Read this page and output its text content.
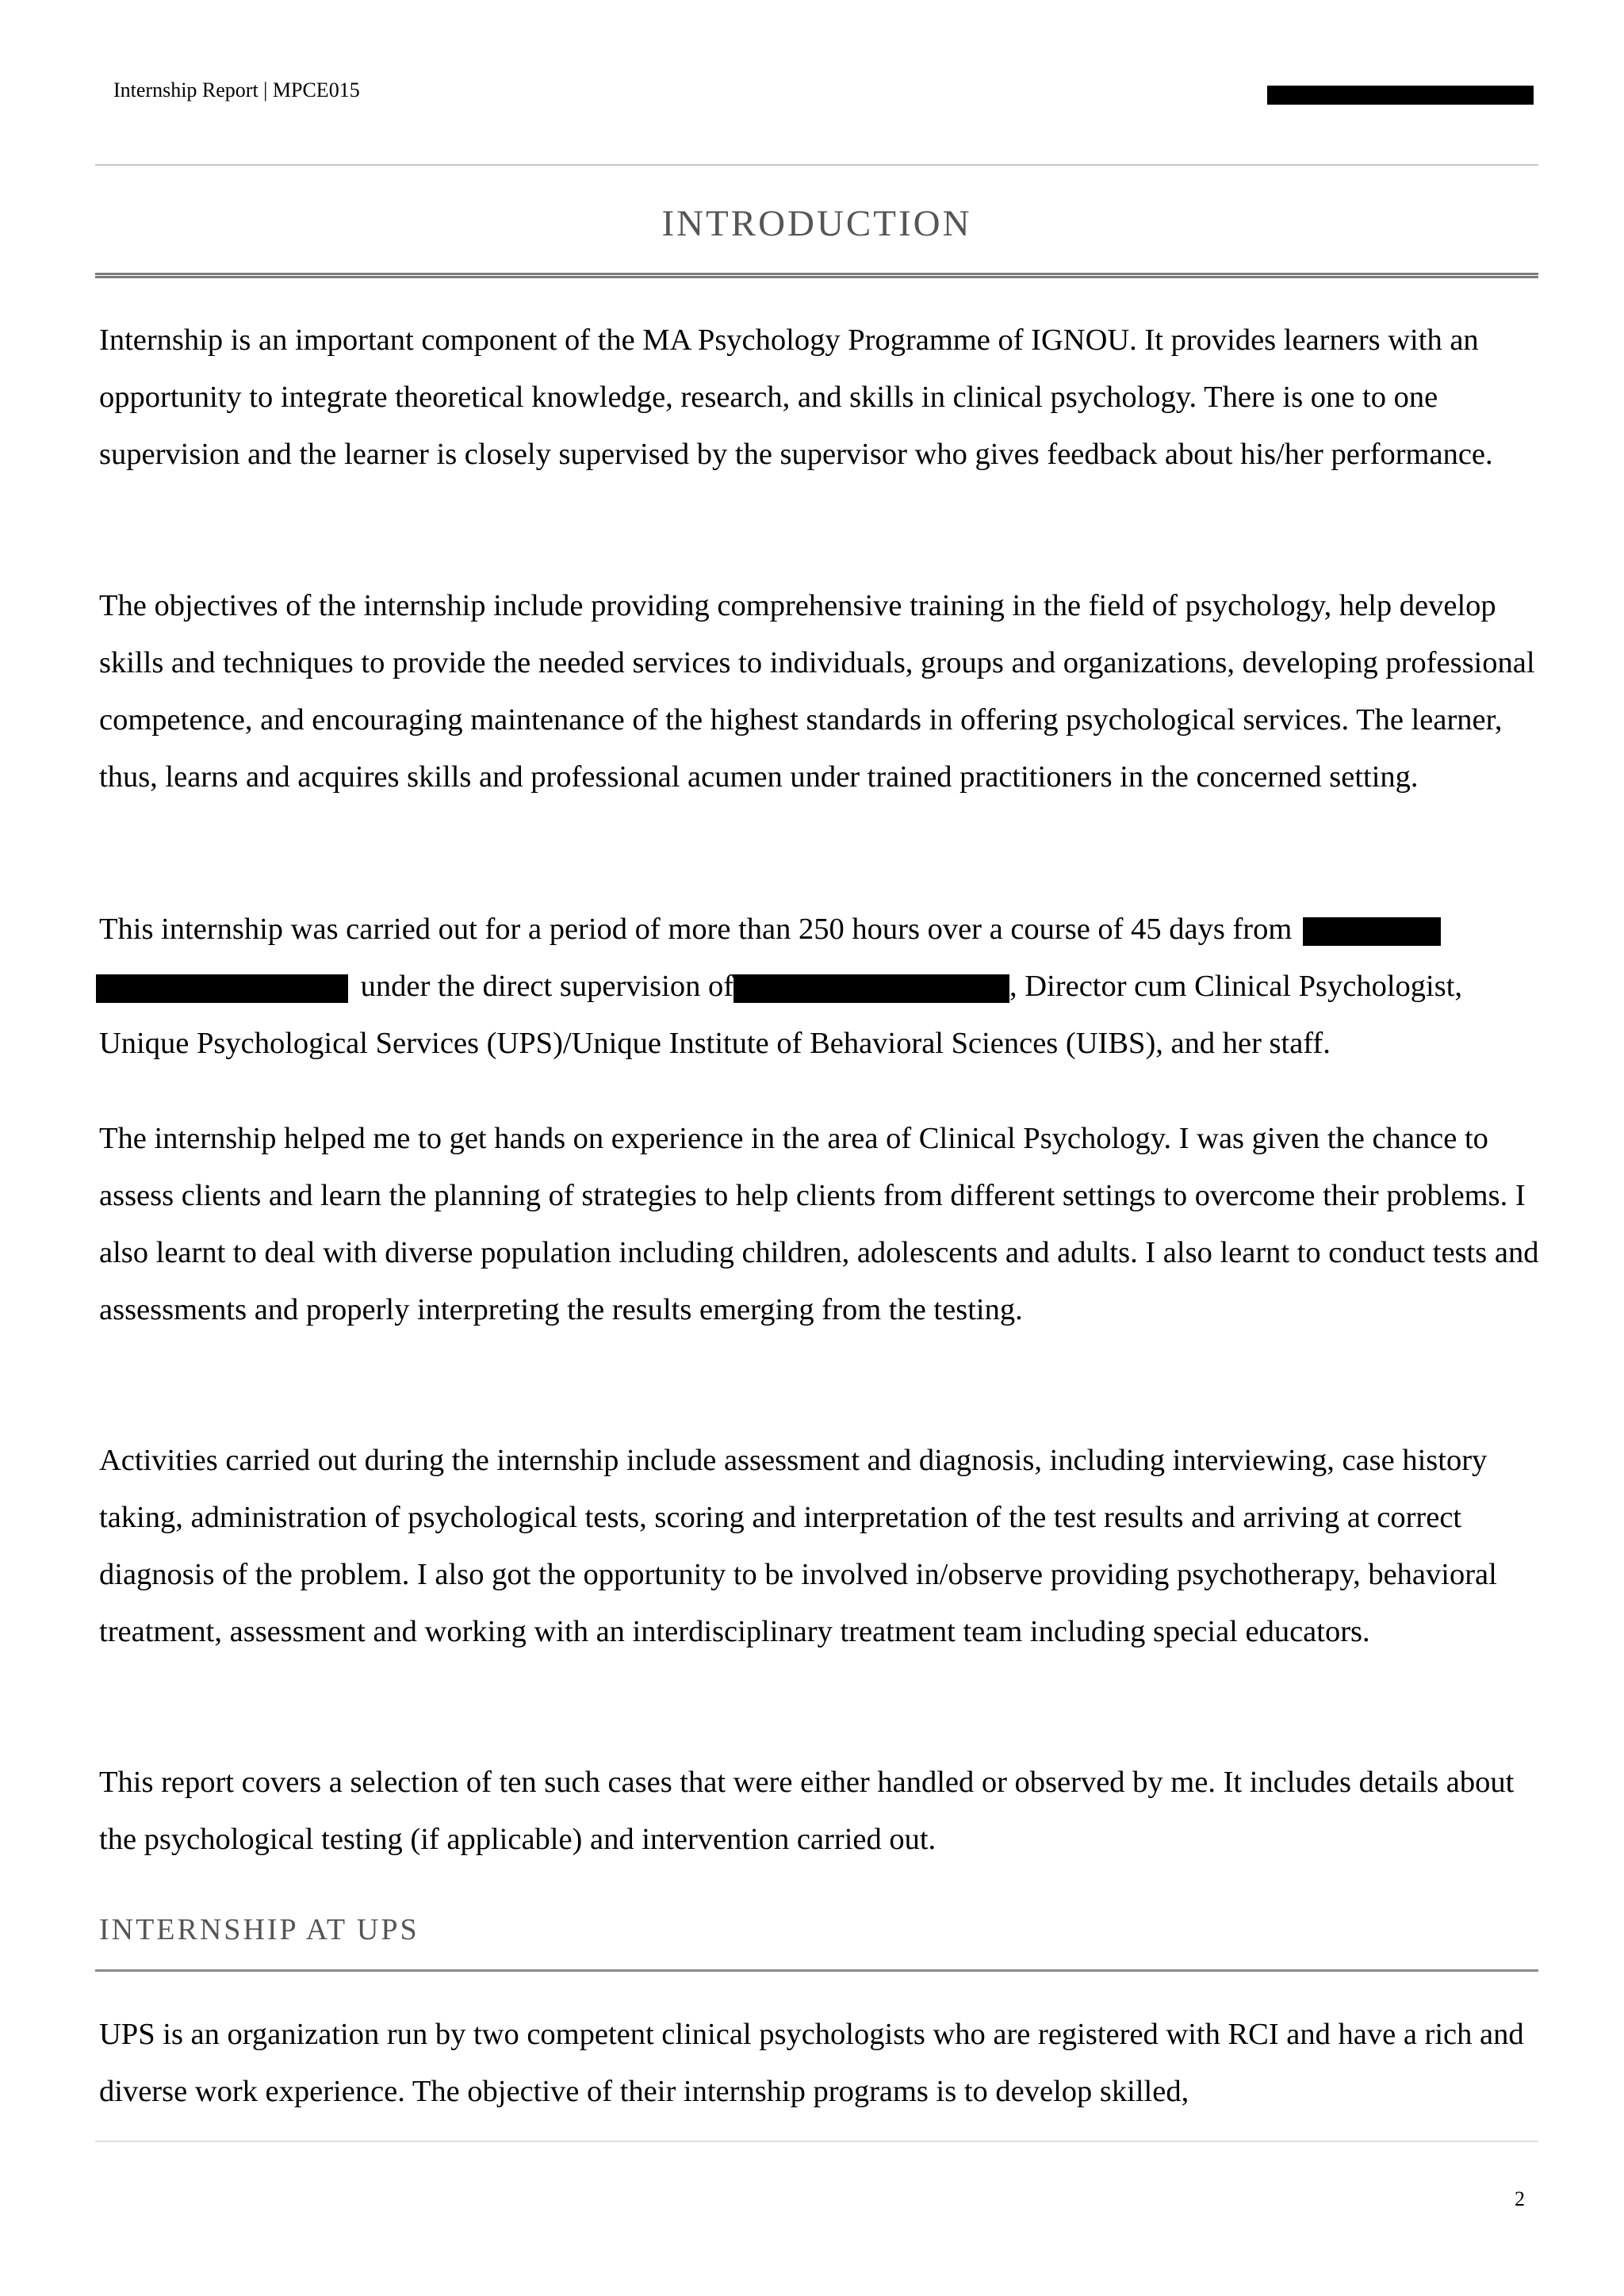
Internship Report | MPCE015
INTRODUCTION

Internship is an important component of the MA Psychology Programme of IGNOU. It provides learners with an opportunity to integrate theoretical knowledge, research, and skills in clinical psychology. There is one to one supervision and the learner is closely supervised by the supervisor who gives feedback about his/her performance.

The objectives of the internship include providing comprehensive training in the field of psychology, help develop skills and techniques to provide the needed services to individuals, groups and organizations, developing professional competence, and encouraging maintenance of the highest standards in offering psychological services. The learner, thus, learns and acquires skills and professional acumen under trained practitioners in the concerned setting.

This internship was carried out for a period of more than 250 hours over a course of 45 days from
under the direct supervision of	, Director cum Clinical Psychologist,
Unique Psychological Services (UPS)/Unique Institute of Behavioral Sciences (UIBS), and her staff.

The internship helped me to get hands on experience in the area of Clinical Psychology. I was given the chance to assess clients and learn the planning of strategies to help clients from different settings to overcome their problems. I also learnt to deal with diverse population including children, adolescents and adults. I also learnt to conduct tests and assessments and properly interpreting the results emerging from the testing.

Activities carried out during the internship include assessment and diagnosis, including interviewing, case history taking, administration of psychological tests, scoring and interpretation of the test results and arriving at correct diagnosis of the problem. I also got the opportunity to be involved in/observe providing psychotherapy, behavioral treatment, assessment and working with an interdisciplinary treatment team including special educators.

This report covers a selection of ten such cases that were either handled or observed by me. It includes details about the psychological testing (if applicable) and intervention carried out.

INTERNSHIP AT UPS

UPS is an organization run by two competent clinical psychologists who are registered with RCI and have a rich and diverse work experience. The objective of their internship programs is to develop skilled,

2
